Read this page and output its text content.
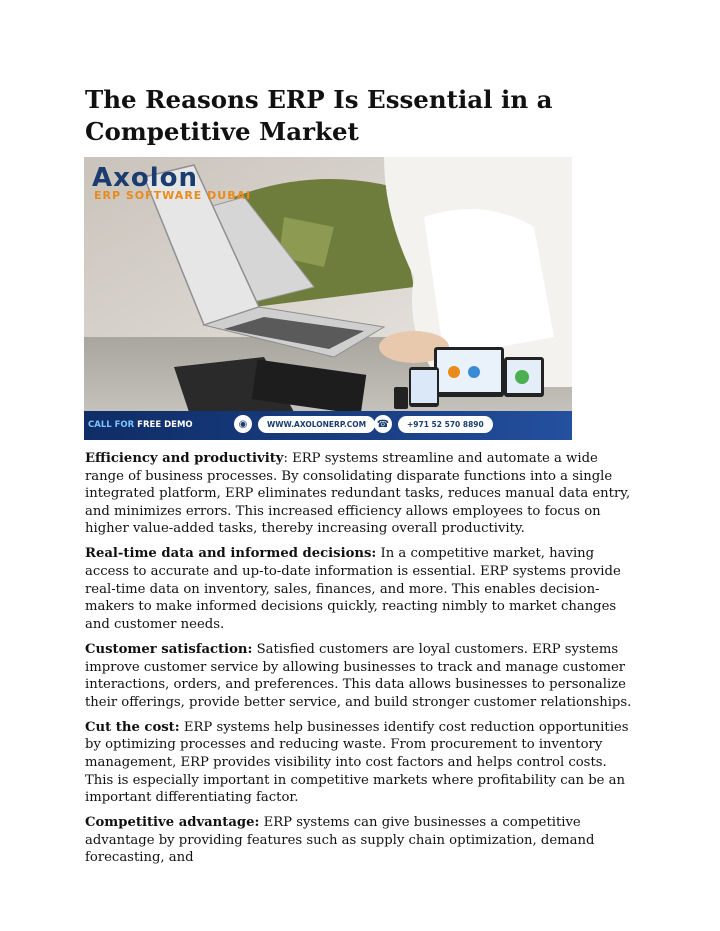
The Reasons ERP Is Essential in a Competitive Market
Axolon
ERP SOFTWARE DUBAI
CALL FOR FREE DEMO	◉	WWW.AXOLONERP.COM	☎	+971 52 570 8890

Efficiency and productivity: ERP systems streamline and automate a wide range of business processes. By consolidating disparate functions into a single integrated platform, ERP eliminates redundant tasks, reduces manual data entry, and minimizes errors. This increased efficiency allows employees to focus on higher value-added tasks, thereby increasing overall productivity.

Real-time data and informed decisions: In a competitive market, having access to accurate and up-to-date information is essential. ERP systems provide real-time data on inventory, sales, finances, and more. This enables decision-makers to make informed decisions quickly, reacting nimbly to market changes and customer needs.

Customer satisfaction: Satisfied customers are loyal customers. ERP systems improve customer service by allowing businesses to track and manage customer interactions, orders, and preferences. This data allows businesses to personalize their offerings, provide better service, and build stronger customer relationships.

Cut the cost: ERP systems help businesses identify cost reduction opportunities by optimizing processes and reducing waste. From procurement to inventory management, ERP provides visibility into cost factors and helps control costs. This is especially important in competitive markets where profitability can be an important differentiating factor.

Competitive advantage: ERP systems can give businesses a competitive advantage by providing features such as supply chain optimization, demand forecasting, and
